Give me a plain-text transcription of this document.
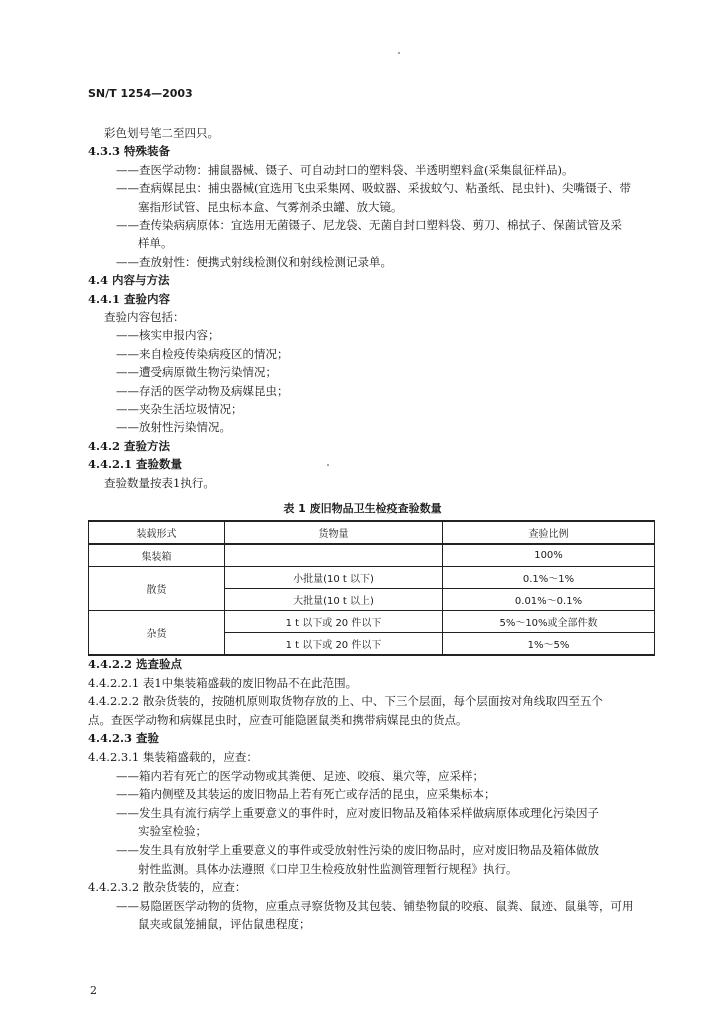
SN/T 1254—2003
彩色划号笔二至四只。
4.3.3 特殊装备
——查医学动物：捕鼠器械、镊子、可自动封口的塑料袋、半透明塑料盒(采集鼠征样品)。
——查病媒昆虫：捕虫器械(宜选用飞虫采集网、吸蚊器、采拔蚊勺、粘蚤纸、昆虫针)、尖嘴镊子、带
塞指形试管、昆虫标本盒、气雾剂杀虫罐、放大镜。
——查传染病病原体：宜选用无菌镊子、尼龙袋、无菌自封口塑料袋、剪刀、棉拭子、保菌试管及采
样单。
——查放射性：便携式射线检测仪和射线检测记录单。
4.4 内容与方法
4.4.1 查验内容
查验内容包括：
——核实申报内容；
——来自检疫传染病疫区的情况；
——遭受病原微生物污染情况；
——存活的医学动物及病媒昆虫；
——夹杂生活垃圾情况；
——放射性污染情况。
4.4.2 查验方法
4.4.2.1 查验数量
查验数量按表1执行。
表 1 废旧物品卫生检疫查验数量
装载形式	货物量	查验比例
集装箱		100%
散货	小批量(10 t 以下)	0.1%～1%
	大批量(10 t 以上)	0.01%～0.1%
杂货	1 t 以下或 20 件以下	5%～10%或全部件数
	1 t 以下或 20 件以下	1%～5%
4.4.2.2 选查验点
4.4.2.2.1 表1中集装箱盛载的废旧物品不在此范围。
4.4.2.2.2 散杂货装的，按随机原则取货物存放的上、中、下三个层面，每个层面按对角线取四至五个
点。查医学动物和病媒昆虫时，应查可能隐匿鼠类和携带病媒昆虫的货点。
4.4.2.3 查验
4.4.2.3.1 集装箱盛载的，应查：
——箱内若有死亡的医学动物或其粪便、足迹、咬痕、巢穴等，应采样；
——箱内侧壁及其装运的废旧物品上若有死亡或存活的昆虫，应采集标本；
——发生具有流行病学上重要意义的事件时，应对废旧物品及箱体采样做病原体或理化污染因子
实验室检验；
——发生具有放射学上重要意义的事件或受放射性污染的废旧物品时，应对废旧物品及箱体做放
射性监测。具体办法遵照《口岸卫生检疫放射性监测管理暂行规程》执行。
4.4.2.3.2 散杂货装的，应查：
——易隐匿医学动物的货物，应重点寻察货物及其包装、铺垫物鼠的咬痕、鼠粪、鼠迹、鼠巢等，可用
鼠夹或鼠笼捕鼠，评估鼠患程度；
2
